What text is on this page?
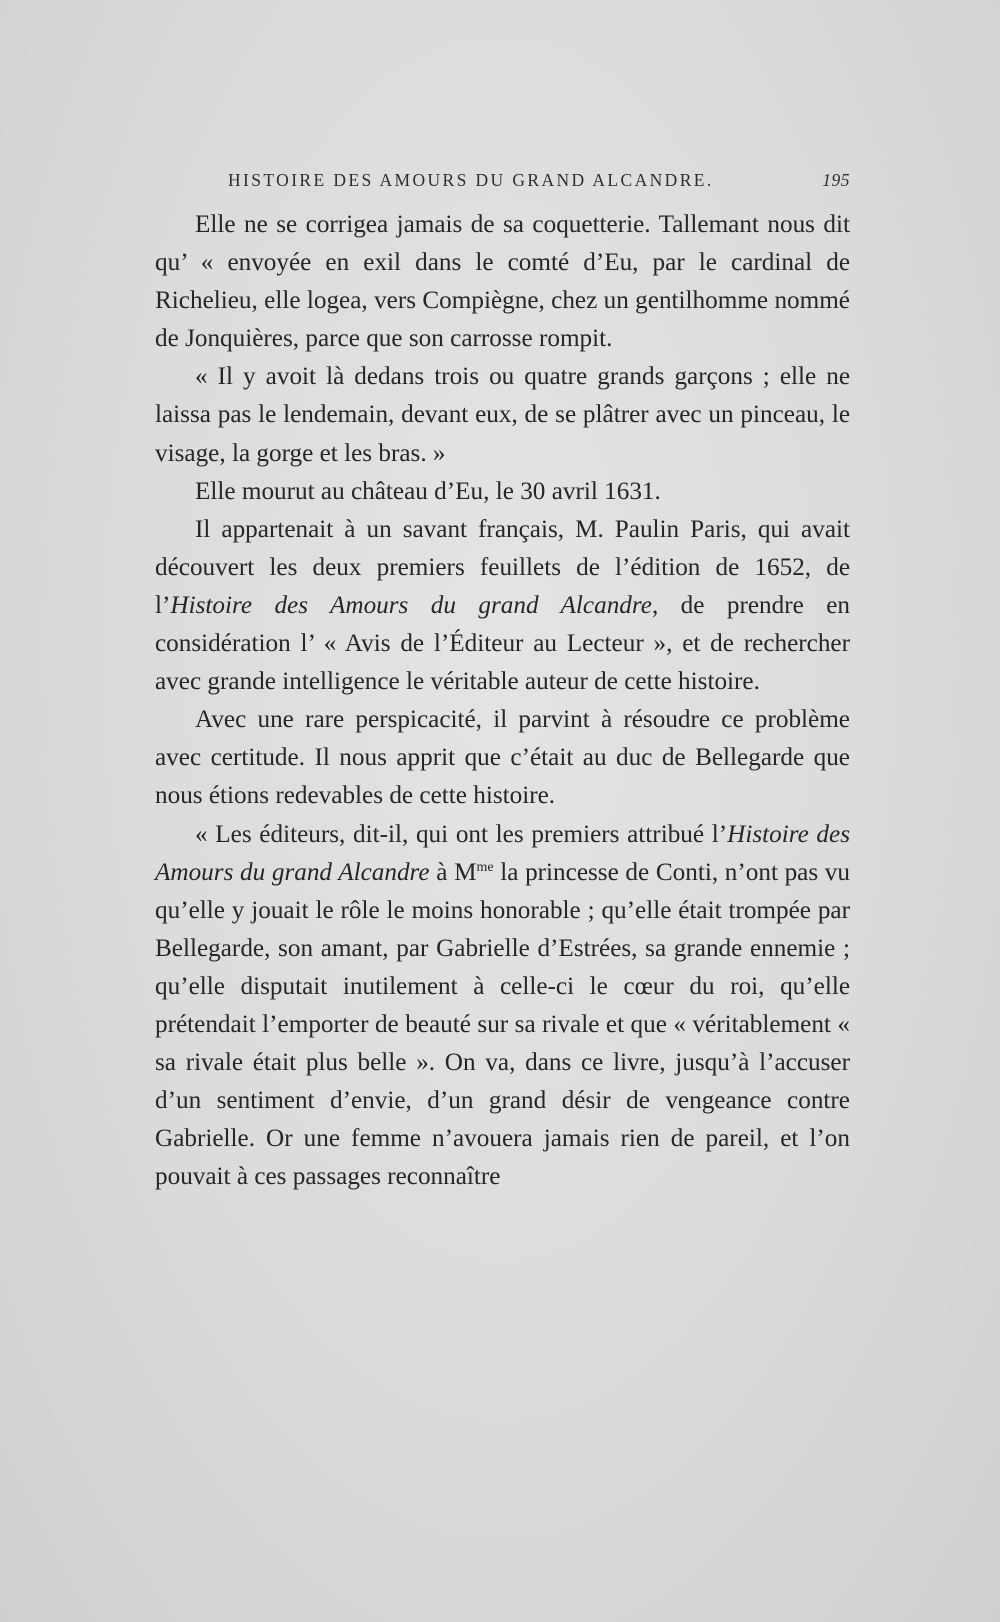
HISTOIRE DES AMOURS DU GRAND ALCANDRE.	195

Elle ne se corrigea jamais de sa coquetterie. Tallemant nous dit qu’ « envoyée en exil dans le comté d’Eu, par le cardinal de Richelieu, elle logea, vers Compiègne, chez un gentilhomme nommé de Jonquières, parce que son carrosse rompit.

« Il y avoit là dedans trois ou quatre grands garçons ; elle ne laissa pas le lendemain, devant eux, de se plâtrer avec un pinceau, le visage, la gorge et les bras. »

Elle mourut au château d’Eu, le 30 avril 1631.

Il appartenait à un savant français, M. Paulin Paris, qui avait découvert les deux premiers feuillets de l’édition de 1652, de l’Histoire des Amours du grand Alcandre, de prendre en considération l’ « Avis de l’Éditeur au Lecteur », et de rechercher avec grande intelligence le véritable auteur de cette histoire.

Avec une rare perspicacité, il parvint à résoudre ce problème avec certitude. Il nous apprit que c’était au duc de Bellegarde que nous étions redevables de cette histoire.

« Les éditeurs, dit-il, qui ont les premiers attribué l’Histoire des Amours du grand Alcandre à $M^{me}$ la princesse de Conti, n’ont pas vu qu’elle y jouait le rôle le moins honorable ; qu’elle était trompée par Bellegarde, son amant, par Gabrielle d’Estrées, sa grande ennemie ; qu’elle disputait inutilement à celle-ci le cœur du roi, qu’elle prétendait l’emporter de beauté sur sa rivale et que « véritablement « sa rivale était plus belle ». On va, dans ce livre, jusqu’à l’accuser d’un sentiment d’envie, d’un grand désir de vengeance contre Gabrielle. Or une femme n’avouera jamais rien de pareil, et l’on pouvait à ces passages reconnaître
